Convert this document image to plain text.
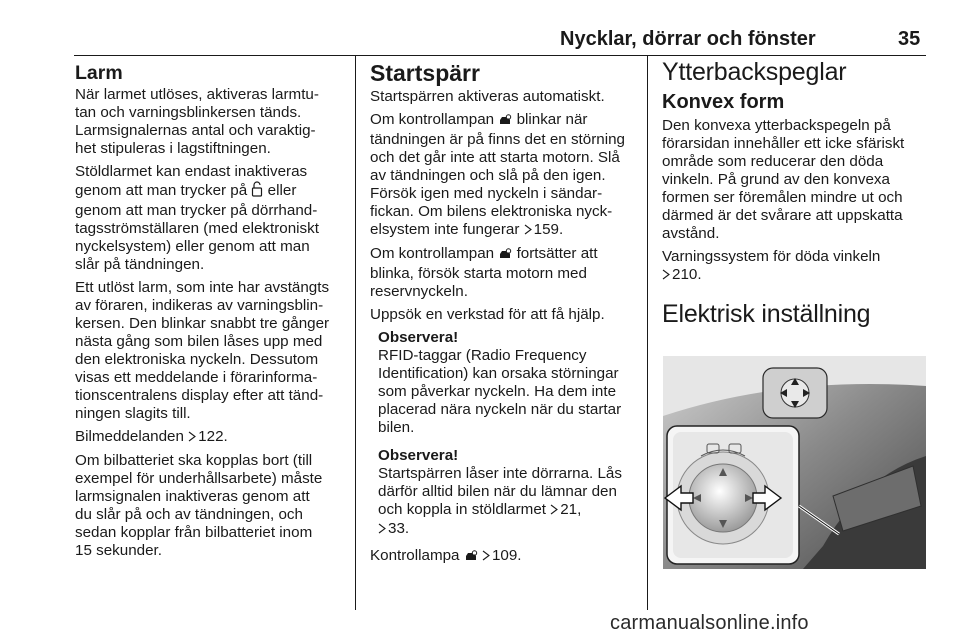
Nycklar, dörrar och fönster	35
Larm

När larmet utlöses, aktiveras larmtu-
tan och varningsblinkersen tänds.
Larmsignalernas antal och varaktig-
het stipuleras i lagstiftningen.

Stöldlarmet kan endast inaktiveras
genom att man trycker på eller
genom att man trycker på dörrhand-
tagsströmställaren (med elektroniskt
nyckelsystem) eller genom att man
slår på tändningen.

Ett utlöst larm, som inte har avstängts
av föraren, indikeras av varningsblin-
kersen. Den blinkar snabbt tre gånger
nästa gång som bilen låses upp med
den elektroniska nyckeln. Dessutom
visas ett meddelande i förarinforma-
tionscentralens display efter att tänd-
ningen slagits till.

Bilmeddelanden 122.

Om bilbatteriet ska kopplas bort (till
exempel för underhållsarbete) måste
larmsignalen inaktiveras genom att
du slår på och av tändningen, och
sedan kopplar från bilbatteriet inom
15 sekunder.

Startspärr

Startspärren aktiveras automatiskt.

Om kontrollampan blinkar när
tändningen är på finns det en störning
och det går inte att starta motorn. Slå
av tändningen och slå på den igen.
Försök igen med nyckeln i sändar-
fickan. Om bilens elektroniska nyck-
elsystem inte fungerar 159.

Om kontrollampan fortsätter att
blinka, försök starta motorn med
reservnyckeln.

Uppsök en verkstad för att få hjälp.

Observera!

RFID-taggar (Radio Frequency
Identification) kan orsaka störningar
som påverkar nyckeln. Ha dem inte
placerad nära nyckeln när du startar
bilen.

Observera!

Startspärren låser inte dörrarna. Lås
därför alltid bilen när du lämnar den
och koppla in stöldlarmet 21,
33.

Kontrollampa 109.

Ytterbackspeglar
Konvex form

Den konvexa ytterbackspegeln på
förarsidan innehåller ett icke sfäriskt
område som reducerar den döda
vinkeln. På grund av den konvexa
formen ser föremålen mindre ut och
därmed är det svårare att uppskatta
avstånd.

Varningssystem för döda vinkeln
210.

Elektrisk inställning
carmanualsonline.info
